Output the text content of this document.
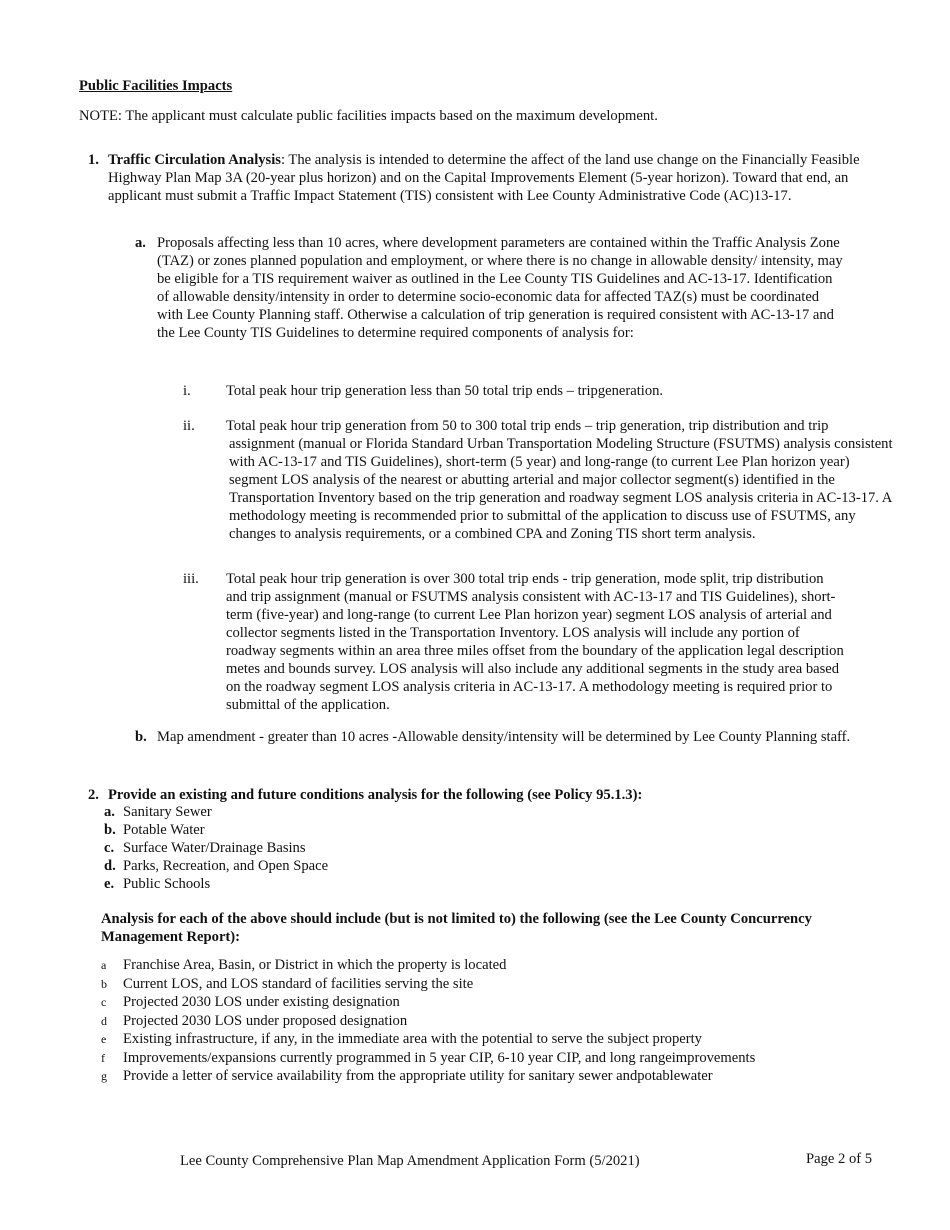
Public Facilities Impacts
NOTE: The applicant must calculate public facilities impacts based on the maximum development.
1. Traffic Circulation Analysis: The analysis is intended to determine the affect of the land use change on the Financially Feasible Highway Plan Map 3A (20-year plus horizon) and on the Capital Improvements Element (5-year horizon). Toward that end, an applicant must submit a Traffic Impact Statement (TIS) consistent with Lee County Administrative Code (AC)13-17.
a. Proposals affecting less than 10 acres, where development parameters are contained within the Traffic Analysis Zone (TAZ) or zones planned population and employment, or where there is no change in allowable density/ intensity, may be eligible for a TIS requirement waiver as outlined in the Lee County TIS Guidelines and AC-13-17. Identification of allowable density/intensity in order to determine socio-economic data for affected TAZ(s) must be coordinated with Lee County Planning staff. Otherwise a calculation of trip generation is required consistent with AC-13-17 and the Lee County TIS Guidelines to determine required components of analysis for:
i. Total peak hour trip generation less than 50 total trip ends – tripgeneration.
ii. Total peak hour trip generation from 50 to 300 total trip ends – trip generation, trip distribution and trip assignment (manual or Florida Standard Urban Transportation Modeling Structure (FSUTMS) analysis consistent with AC-13-17 and TIS Guidelines), short-term (5 year) and long-range (to current Lee Plan horizon year) segment LOS analysis of the nearest or abutting arterial and major collector segment(s) identified in the Transportation Inventory based on the trip generation and roadway segment LOS analysis criteria in AC-13-17. A methodology meeting is recommended prior to submittal of the application to discuss use of FSUTMS, any changes to analysis requirements, or a combined CPA and Zoning TIS short term analysis.
iii. Total peak hour trip generation is over 300 total trip ends - trip generation, mode split, trip distribution and trip assignment (manual or FSUTMS analysis consistent with AC-13-17 and TIS Guidelines), short-term (five-year) and long-range (to current Lee Plan horizon year) segment LOS analysis of arterial and collector segments listed in the Transportation Inventory. LOS analysis will include any portion of roadway segments within an area three miles offset from the boundary of the application legal description metes and bounds survey. LOS analysis will also include any additional segments in the study area based on the roadway segment LOS analysis criteria in AC-13-17. A methodology meeting is required prior to submittal of the application.
b. Map amendment - greater than 10 acres -Allowable density/intensity will be determined by Lee County Planning staff.
2. Provide an existing and future conditions analysis for the following (see Policy 95.1.3):
a. Sanitary Sewer
b. Potable Water
c. Surface Water/Drainage Basins
d. Parks, Recreation, and Open Space
e. Public Schools
Analysis for each of the above should include (but is not limited to) the following (see the Lee County Concurrency Management Report):
a Franchise Area, Basin, or District in which the property is located
b Current LOS, and LOS standard of facilities serving the site
c Projected 2030 LOS under existing designation
d Projected 2030 LOS under proposed designation
e Existing infrastructure, if any, in the immediate area with the potential to serve the subject property
f Improvements/expansions currently programmed in 5 year CIP, 6-10 year CIP, and long rangeimprovements
g Provide a letter of service availability from the appropriate utility for sanitary sewer andpotablewater
Lee County Comprehensive Plan Map Amendment Application Form (5/2021)	Page 2 of 5
